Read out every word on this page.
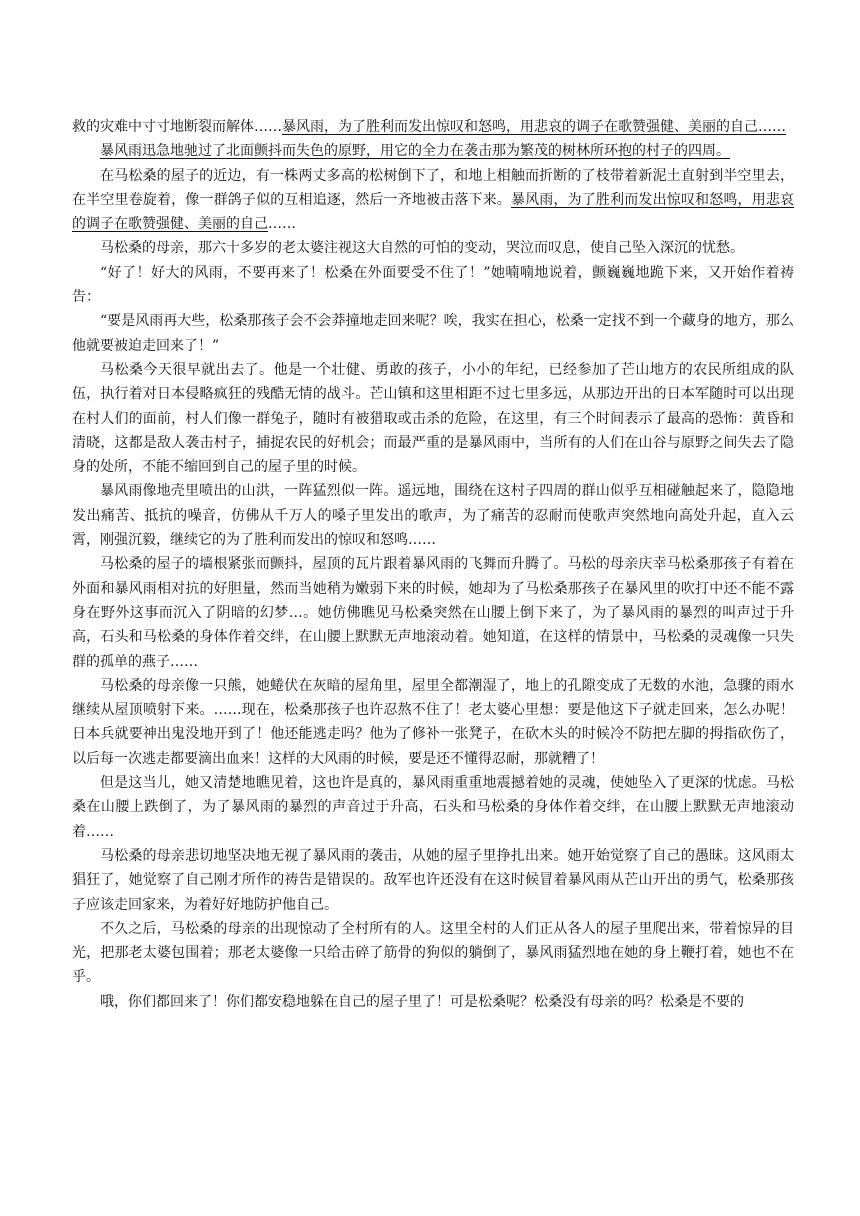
救的灾难中寸寸地断裂而解体……暴风雨，为了胜利而发出惊叹和怒鸣，用悲哀的调子在歌赞强健、美丽的自己……

暴风雨迅急地驰过了北面颤抖而失色的原野，用它的全力在袭击那为繁茂的树林所环抱的村子的四周。

在马松桑的屋子的近边，有一株两丈多高的松树倒下了，和地上相触而折断的了枝带着新泥土直射到半空里去，在半空里卷旋着，像一群鸽子似的互相追逐，然后一齐地被击落下来。暴风雨，为了胜利而发出惊叹和怒鸣，用悲哀的调子在歌赞强健、美丽的自己……

马松桑的母亲，那六十多岁的老太婆注视这大自然的可怕的变动，哭泣而叹息，使自己坠入深沉的忧愁。

“好了！好大的风雨，不要再来了！松桑在外面要受不住了！”她喃喃地说着，颤巍巍地跪下来，又开始作着祷告：

“要是风雨再大些，松桑那孩子会不会莽撞地走回来呢？唉，我实在担心，松桑一定找不到一个藏身的地方，那么他就要被迫走回来了！”

马松桑今天很早就出去了。他是一个壮健、勇敢的孩子，小小的年纪，已经参加了芒山地方的农民所组成的队伍，执行着对日本侵略疯狂的残酷无情的战斗。芒山镇和这里相距不过七里多远，从那边开出的日本军随时可以出现在村人们的面前，村人们像一群兔子，随时有被猎取或击杀的危险，在这里，有三个时间表示了最高的恐怖：黄昏和清晓，这都是敌人袭击村子，捕捉农民的好机会；而最严重的是暴风雨中，当所有的人们在山谷与原野之间失去了隐身的处所，不能不缩回到自己的屋子里的时候。

暴风雨像地壳里喷出的山洪，一阵猛烈似一阵。遥远地，围绕在这村子四周的群山似乎互相碰触起来了，隐隐地发出痛苦、抵抗的噪音，仿佛从千万人的嗓子里发出的歌声，为了痛苦的忍耐而使歌声突然地向高处升起，直入云霄，刚强沉毅，继续它的为了胜利而发出的惊叹和怒鸣……

马松桑的屋子的墙根紧张而颤抖，屋顶的瓦片跟着暴风雨的飞舞而升腾了。马松的母亲庆幸马松桑那孩子有着在外面和暴风雨相对抗的好胆量，然而当她稍为嫩弱下来的时候，她却为了马松桑那孩子在暴风里的吹打中还不能不露身在野外这事而沉入了阴暗的幻梦…。她仿佛瞧见马松桑突然在山腰上倒下来了，为了暴风雨的暴烈的叫声过于升高，石头和马松桑的身体作着交绊，在山腰上默默无声地滚动着。她知道，在这样的情景中，马松桑的灵魂像一只失群的孤单的燕子……

马松桑的母亲像一只熊，她蜷伏在灰暗的屋角里，屋里全都潮湿了，地上的孔隙变成了无数的水池，急骤的雨水继续从屋顶喷射下来。……现在，松桑那孩子也许忍熬不住了！老太婆心里想：要是他这下子就走回来，怎么办呢！日本兵就要神出鬼没地开到了！他还能逃走吗？他为了修补一张凳子，在砍木头的时候冷不防把左脚的拇指砍伤了，以后每一次逃走都要滴出血来！这样的大风雨的时候，要是还不懂得忍耐，那就糟了！

但是这当儿，她又清楚地瞧见着，这也许是真的，暴风雨重重地震撼着她的灵魂，使她坠入了更深的忧虑。马松桑在山腰上跌倒了，为了暴风雨的暴烈的声音过于升高，石头和马松桑的身体作着交绊，在山腰上默默无声地滚动着……

马松桑的母亲悲切地坚决地无视了暴风雨的袭击，从她的屋子里挣扎出来。她开始觉察了自己的愚昧。这风雨太猖狂了，她觉察了自己刚才所作的祷告是错误的。敌军也许还没有在这时候冒着暴风雨从芒山开出的勇气，松桑那孩子应该走回家来，为着好好地防护他自己。

不久之后，马松桑的母亲的出现惊动了全村所有的人。这里全村的人们正从各人的屋子里爬出来，带着惊异的目光，把那老太婆包围着；那老太婆像一只给击碎了筋骨的狗似的躺倒了，暴风雨猛烈地在她的身上鞭打着，她也不在乎。

哦，你们都回来了！你们都安稳地躲在自己的屋子里了！可是松桑呢？松桑没有母亲的吗？松桑是不要的
